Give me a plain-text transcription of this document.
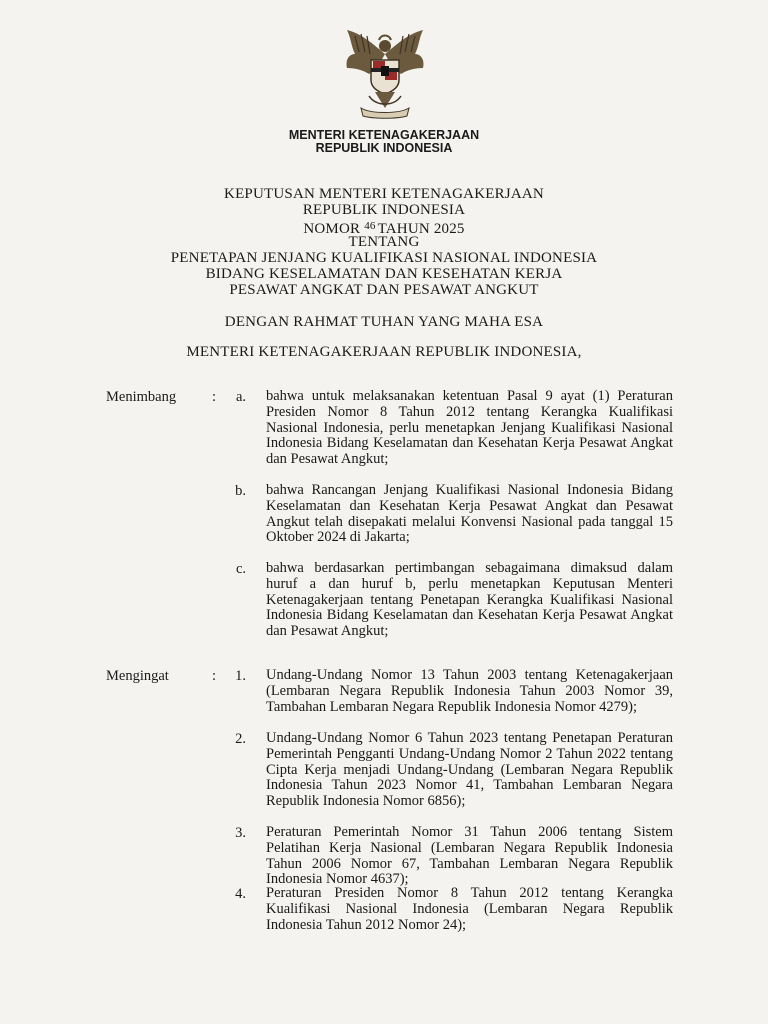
MENTERI KETENAGAKERJAAN
REPUBLIK INDONESIA
KEPUTUSAN MENTERI KETENAGAKERJAAN
REPUBLIK INDONESIA
NOMOR $^{46}$ TAHUN 2025
TENTANG
PENETAPAN JENJANG KUALIFIKASI NASIONAL INDONESIA
BIDANG KESELAMATAN DAN KESEHATAN KERJA
PESAWAT ANGKAT DAN PESAWAT ANGKUT
DENGAN RAHMAT TUHAN YANG MAHA ESA
MENTERI KETENAGAKERJAAN REPUBLIK INDONESIA,
Menimbang :	a. bahwa untuk melaksanakan ketentuan Pasal 9 ayat (1) Peraturan Presiden Nomor 8 Tahun 2012 tentang Kerangka Kualifikasi Nasional Indonesia, perlu menetapkan Jenjang Kualifikasi Nasional Indonesia Bidang Keselamatan dan Kesehatan Kerja Pesawat Angkat dan Pesawat Angkut;
b. bahwa Rancangan Jenjang Kualifikasi Nasional Indonesia Bidang Keselamatan dan Kesehatan Kerja Pesawat Angkat dan Pesawat Angkut telah disepakati melalui Konvensi Nasional pada tanggal 15 Oktober 2024 di Jakarta;
c. bahwa berdasarkan pertimbangan sebagaimana dimaksud dalam huruf a dan huruf b, perlu menetapkan Keputusan Menteri Ketenagakerjaan tentang Penetapan Kerangka Kualifikasi Nasional Indonesia Bidang Keselamatan dan Kesehatan Kerja Pesawat Angkat dan Pesawat Angkut;
Mengingat	:	1. Undang-Undang Nomor 13 Tahun 2003 tentang Ketenagakerjaan (Lembaran Negara Republik Indonesia Tahun 2003 Nomor 39, Tambahan Lembaran Negara Republik Indonesia Nomor 4279);
2. Undang-Undang Nomor 6 Tahun 2023 tentang Penetapan Peraturan Pemerintah Pengganti Undang-Undang Nomor 2 Tahun 2022 tentang Cipta Kerja menjadi Undang-Undang (Lembaran Negara Republik Indonesia Tahun 2023 Nomor 41, Tambahan Lembaran Negara Republik Indonesia Nomor 6856);
3. Peraturan Pemerintah Nomor 31 Tahun 2006 tentang Sistem Pelatihan Kerja Nasional (Lembaran Negara Republik Indonesia Tahun 2006 Nomor 67, Tambahan Lembaran Negara Republik Indonesia Nomor 4637);
4. Peraturan Presiden Nomor 8 Tahun 2012 tentang Kerangka Kualifikasi Nasional Indonesia (Lembaran Negara Republik Indonesia Tahun 2012 Nomor 24);
